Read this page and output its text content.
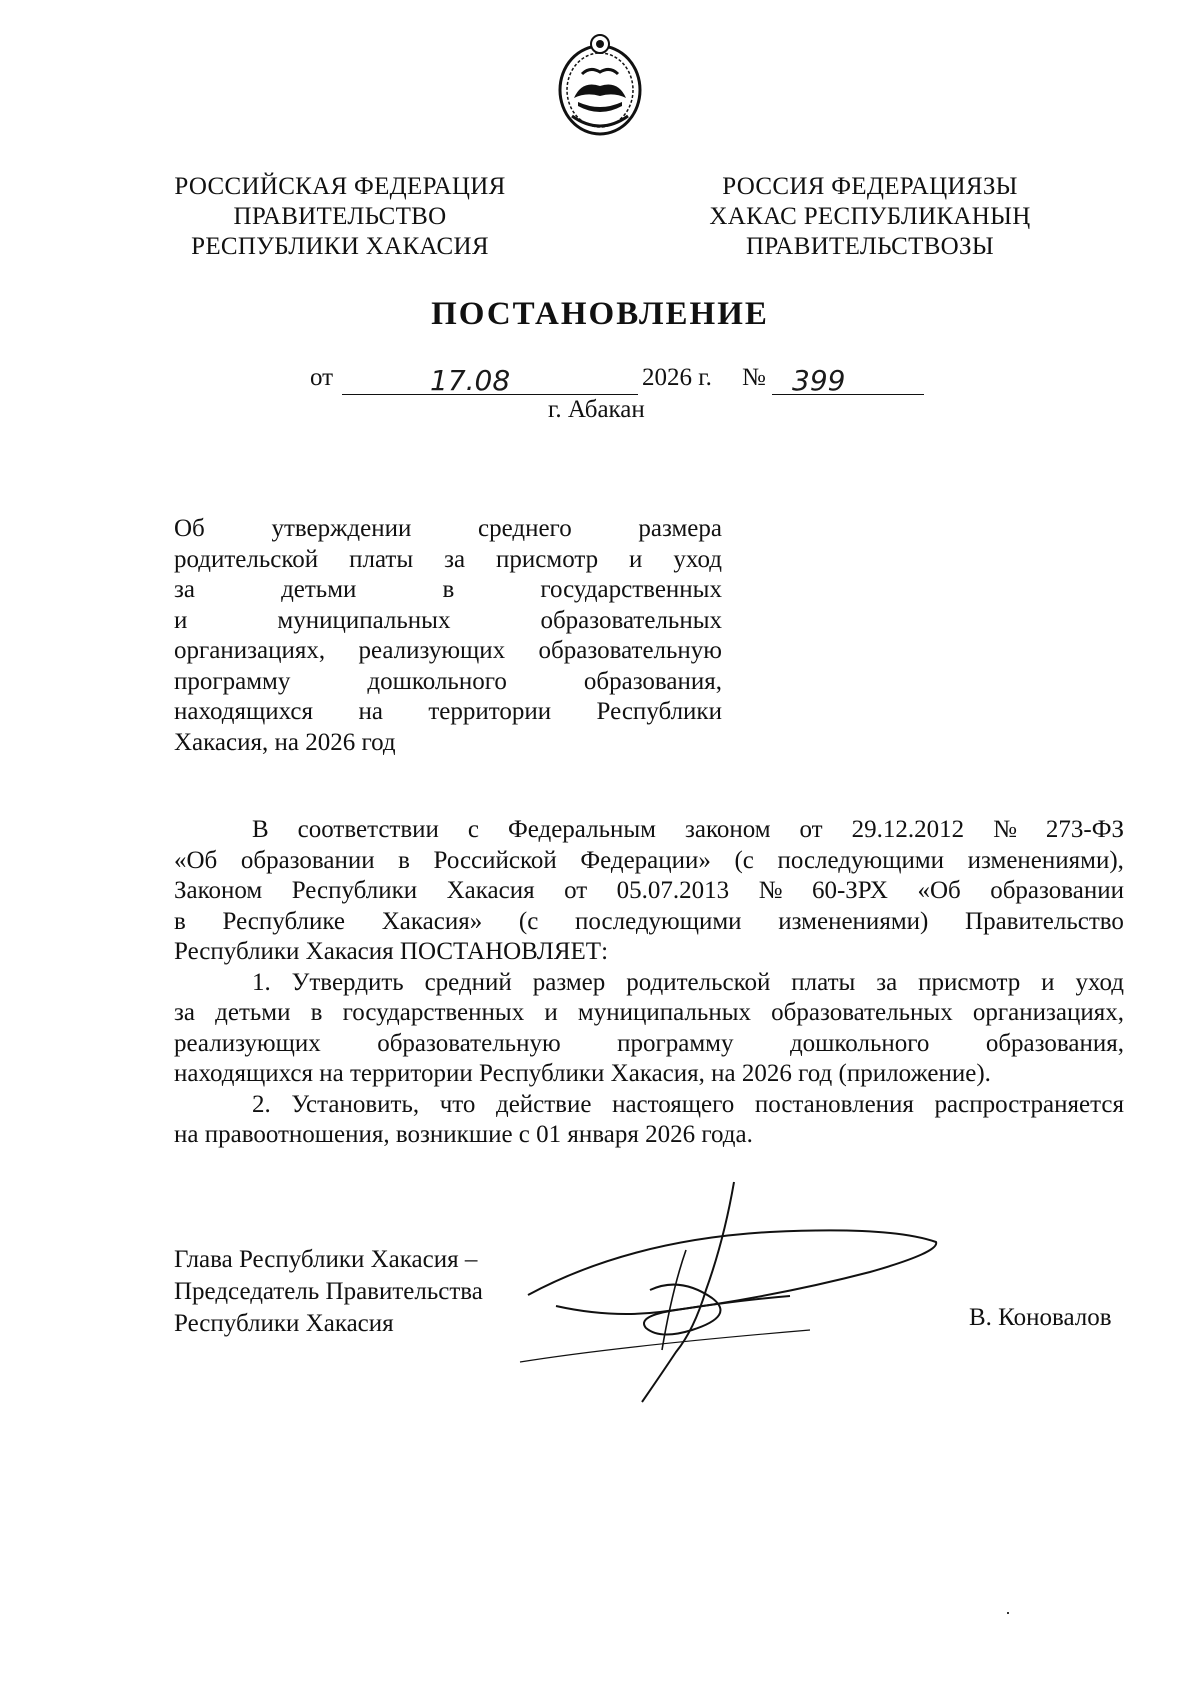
РОССИЙСКАЯ ФЕДЕРАЦИЯ
ПРАВИТЕЛЬСТВО
РЕСПУБЛИКИ ХАКАСИЯ
РОССИЯ ФЕДЕРАЦИЯЗЫ
ХАКАС РЕСПУБЛИКАНЫҢ
ПРАВИТЕЛЬСТВОЗЫ
ПОСТАНОВЛЕНИЕ
от	17.08	2026 г. № 399
г. Абакан
Об	утверждении	среднего	размера
родительской платы за присмотр и уход
за	детьми	в	государственных
и	муниципальных	образовательных
организациях, реализующих образовательную
программу	дошкольного	образования,
находящихся на территории Республики
Хакасия, на 2026 год
В соответствии с Федеральным законом от 29.12.2012 № 273-ФЗ
«Об образовании в Российской Федерации» (с последующими изменениями),
Законом Республики Хакасия от 05.07.2013 № 60-ЗРХ «Об образовании
в Республике Хакасия» (с последующими изменениями) Правительство
Республики Хакасия ПОСТАНОВЛЯЕТ:
1. Утвердить средний размер родительской платы за присмотр и уход
за детьми в государственных и муниципальных образовательных организациях,
реализующих образовательную программу дошкольного образования,
находящихся на территории Республики Хакасия, на 2026 год (приложение).
2. Установить, что действие настоящего постановления распространяется
на правоотношения, возникшие с 01 января 2026 года.
Глава Республики Хакасия –
Председатель Правительства
Республики Хакасия	В. Коновалов
